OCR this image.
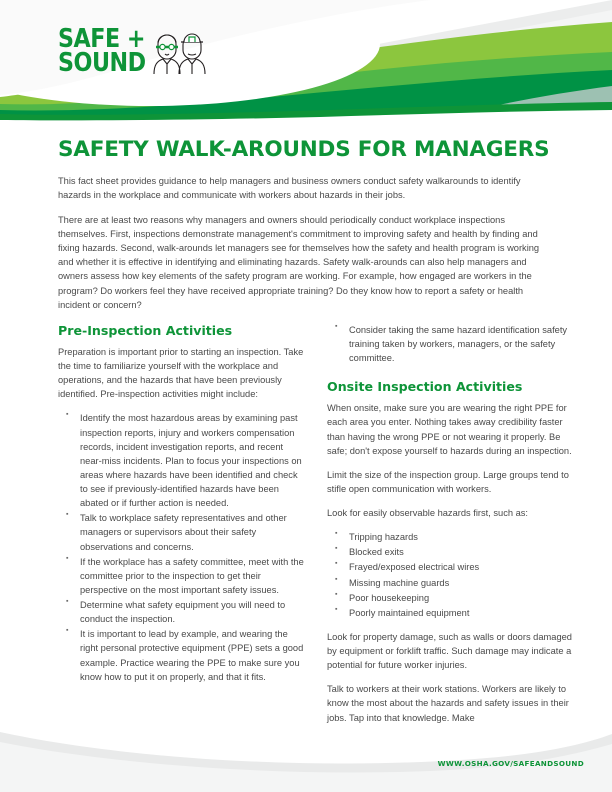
SAFE +
SOUND
SAFETY WALK-AROUNDS FOR MANAGERS

This fact sheet provides guidance to help managers and business owners conduct safety walkarounds to identify hazards in the workplace and communicate with workers about hazards in their jobs.

There are at least two reasons why managers and owners should periodically conduct workplace inspections themselves. First, inspections demonstrate management's commitment to improving safety and health by finding and fixing hazards. Second, walk-arounds let managers see for themselves how the safety and health program is working and whether it is effective in identifying and eliminating hazards. Safety walk-arounds can also help managers and owners assess how key elements of the safety program are working. For example, how engaged are workers in the program? Do workers feel they have received appropriate training? Do they know how to report a safety or health incident or concern?

Pre-Inspection Activities

Preparation is important prior to starting an inspection. Take the time to familiarize yourself with the workplace and operations, and the hazards that have been previously identified. Pre-inspection activities might include:

▪ Identify the most hazardous areas by examining past inspection reports, injury and workers compensation records, incident investigation reports, and recent near-miss incidents. Plan to focus your inspections on areas where hazards have been identified and check to see if previously-identified hazards have been abated or if further action is needed.
▪ Talk to workplace safety representatives and other managers or supervisors about their safety observations and concerns.
▪ If the workplace has a safety committee, meet with the committee prior to the inspection to get their perspective on the most important safety issues.
▪ Determine what safety equipment you will need to conduct the inspection.
▪ It is important to lead by example, and wearing the right personal protective equipment (PPE) sets a good example. Practice wearing the PPE to make sure you know how to put it on properly, and that it fits.
▪ Consider taking the same hazard identification safety training taken by workers, managers, or the safety committee.
Onsite Inspection Activities

When onsite, make sure you are wearing the right PPE for each area you enter. Nothing takes away credibility faster than having the wrong PPE or not wearing it properly. Be safe; don't expose yourself to hazards during an inspection.

Limit the size of the inspection group. Large groups tend to stifle open communication with workers.

Look for easily observable hazards first, such as:

▪ Tripping hazards
▪ Blocked exits
▪ Frayed/exposed electrical wires
▪ Missing machine guards
▪ Poor housekeeping
▪ Poorly maintained equipment

Look for property damage, such as walls or doors damaged by equipment or forklift traffic. Such damage may indicate a potential for future worker injuries.

Talk to workers at their work stations. Workers are likely to know the most about the hazards and safety issues in their jobs. Tap into that knowledge. Make

WWW.OSHA.GOV/SAFEANDSOUND
